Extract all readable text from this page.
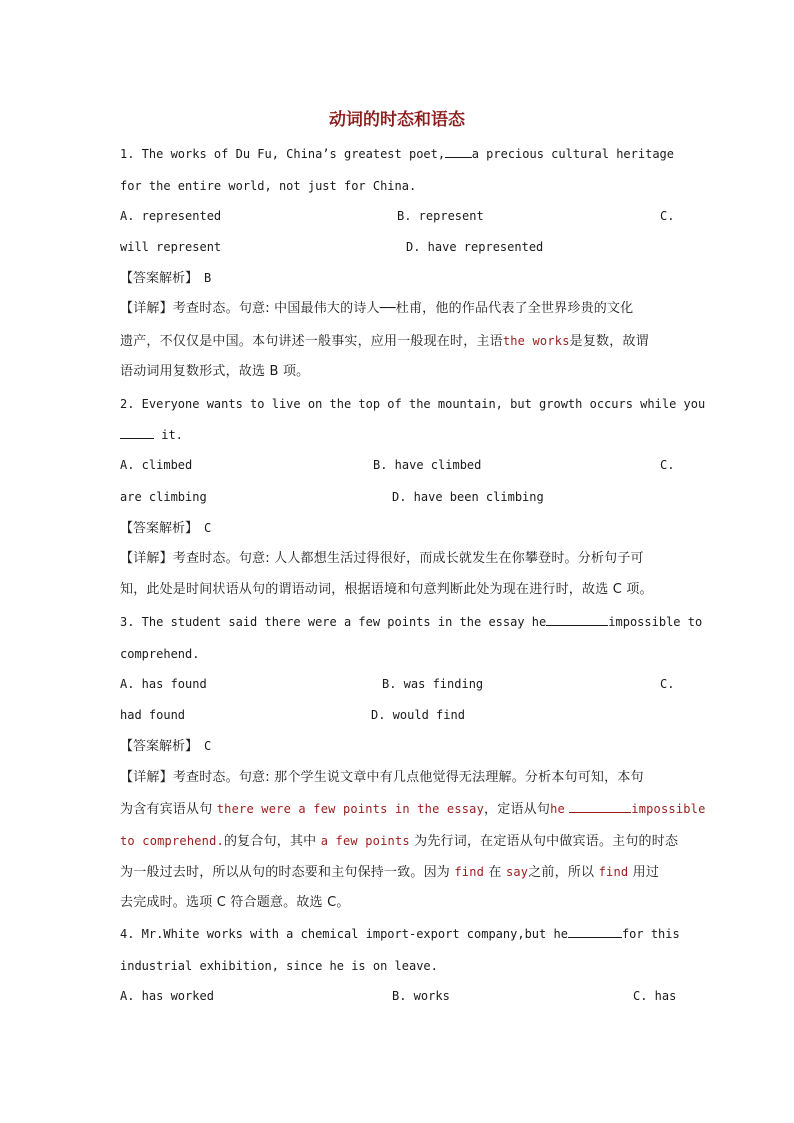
动词的时态和语态
1. The works of Du Fu, China’s greatest poet, a precious cultural heritage
for the entire world, not just for China.
A. represented	B. represent	C.
will represent	D. have represented
【答案解析】 B
【详解】考查时态。句意: 中国最伟大的诗人──杜甫，他的作品代表了全世界珍贵的文化
遗产，不仅仅是中国。本句讲述一般事实，应用一般现在时，主语the works是复数，故谓
语动词用复数形式，故选 B 项。
2. Everyone wants to live on the top of the mountain, but growth occurs while you
it.
A. climbed	B. have climbed	C.
are climbing	D. have been climbing
【答案解析】 C
【详解】考查时态。句意: 人人都想生活过得很好，而成长就发生在你攀登时。分析句子可
知，此处是时间状语从句的谓语动词，根据语境和句意判断此处为现在进行时，故选 C 项。
3. The student said there were a few points in the essay he	impossible to
comprehend.
A. has found	B. was finding	C.
had found	D. would find
【答案解析】 C
【详解】考查时态。句意: 那个学生说文章中有几点他觉得无法理解。分析本句可知，本句
为含有宾语从句 there were a few points in the essay，定语从句he	impossible
to comprehend.的复合句，其中 a few points 为先行词，在定语从句中做宾语。主句的时态
为一般过去时，所以从句的时态要和主句保持一致。因为 find 在 say之前，所以 find 用过
去完成时。选项 C 符合题意。故选 C。
4. Mr.White works with a chemical import-export company,but he	for this
industrial exhibition, since he is on leave.
A. has worked	B. works	C. has
